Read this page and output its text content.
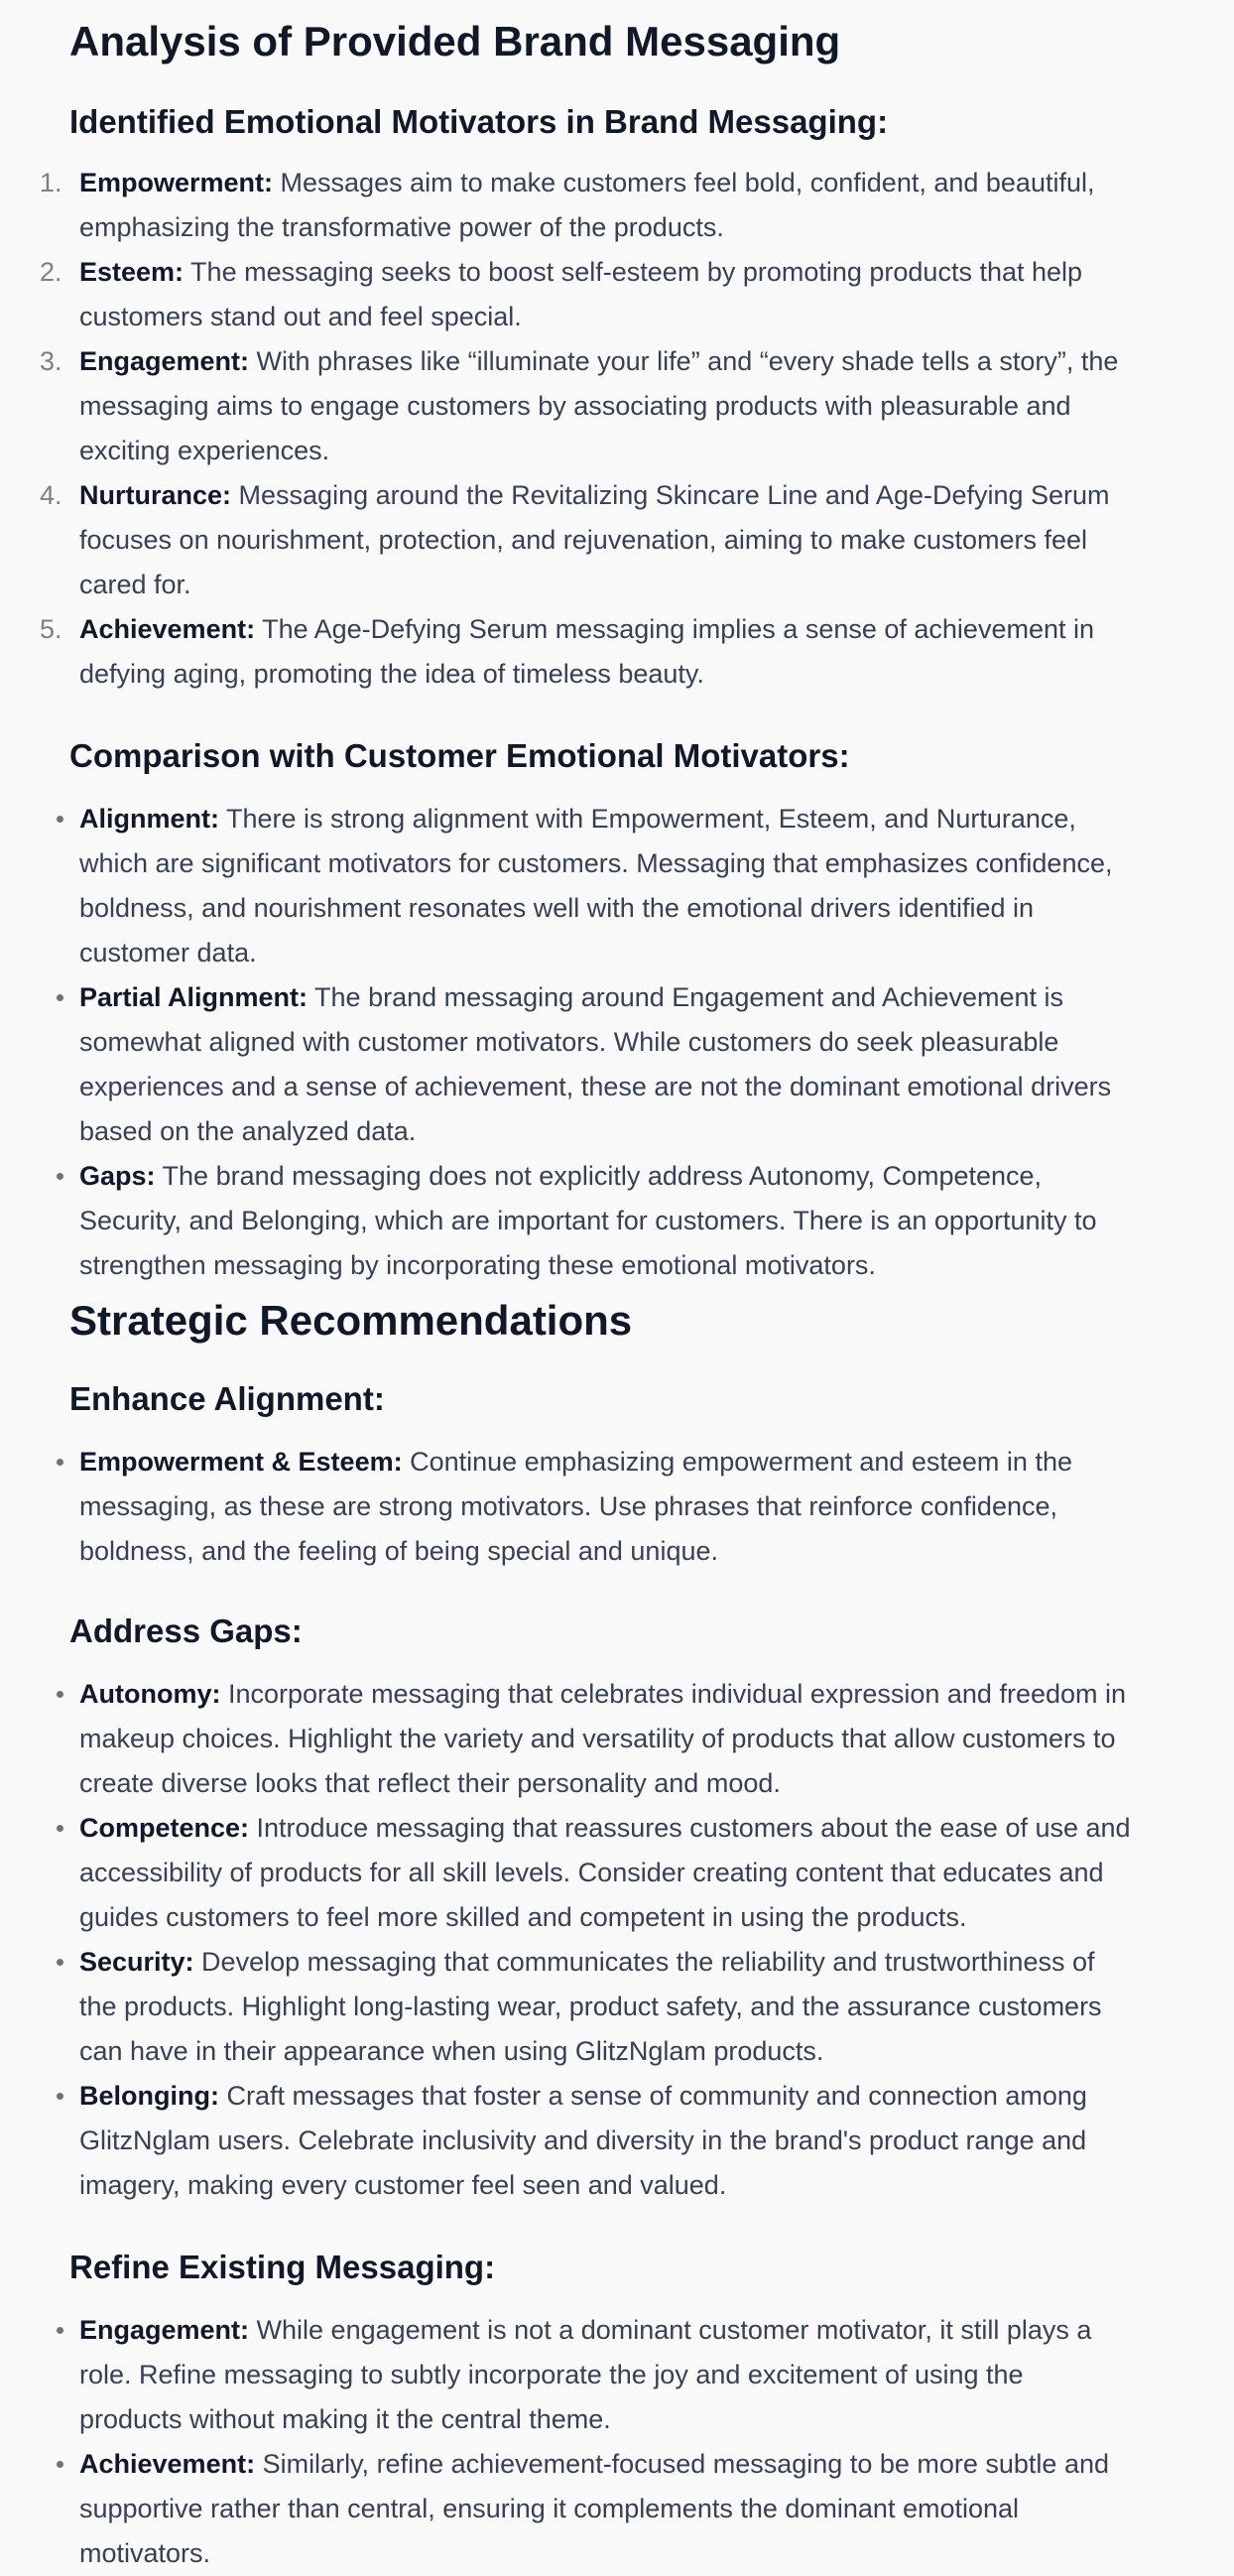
Analysis of Provided Brand Messaging
Identified Emotional Motivators in Brand Messaging:
1. Empowerment: Messages aim to make customers feel bold, confident, and beautiful, emphasizing the transformative power of the products.
2. Esteem: The messaging seeks to boost self-esteem by promoting products that help customers stand out and feel special.
3. Engagement: With phrases like “illuminate your life” and “every shade tells a story”, the messaging aims to engage customers by associating products with pleasurable and exciting experiences.
4. Nurturance: Messaging around the Revitalizing Skincare Line and Age-Defying Serum focuses on nourishment, protection, and rejuvenation, aiming to make customers feel cared for.
5. Achievement: The Age-Defying Serum messaging implies a sense of achievement in defying aging, promoting the idea of timeless beauty.
Comparison with Customer Emotional Motivators:
Alignment: There is strong alignment with Empowerment, Esteem, and Nurturance, which are significant motivators for customers. Messaging that emphasizes confidence, boldness, and nourishment resonates well with the emotional drivers identified in customer data.
Partial Alignment: The brand messaging around Engagement and Achievement is somewhat aligned with customer motivators. While customers do seek pleasurable experiences and a sense of achievement, these are not the dominant emotional drivers based on the analyzed data.
Gaps: The brand messaging does not explicitly address Autonomy, Competence, Security, and Belonging, which are important for customers. There is an opportunity to strengthen messaging by incorporating these emotional motivators.
Strategic Recommendations
Enhance Alignment:
Empowerment & Esteem: Continue emphasizing empowerment and esteem in the messaging, as these are strong motivators. Use phrases that reinforce confidence, boldness, and the feeling of being special and unique.
Address Gaps:
Autonomy: Incorporate messaging that celebrates individual expression and freedom in makeup choices. Highlight the variety and versatility of products that allow customers to create diverse looks that reflect their personality and mood.
Competence: Introduce messaging that reassures customers about the ease of use and accessibility of products for all skill levels. Consider creating content that educates and guides customers to feel more skilled and competent in using the products.
Security: Develop messaging that communicates the reliability and trustworthiness of the products. Highlight long-lasting wear, product safety, and the assurance customers can have in their appearance when using GlitzNglam products.
Belonging: Craft messages that foster a sense of community and connection among GlitzNglam users. Celebrate inclusivity and diversity in the brand's product range and imagery, making every customer feel seen and valued.
Refine Existing Messaging:
Engagement: While engagement is not a dominant customer motivator, it still plays a role. Refine messaging to subtly incorporate the joy and excitement of using the products without making it the central theme.
Achievement: Similarly, refine achievement-focused messaging to be more subtle and supportive rather than central, ensuring it complements the dominant emotional motivators.
